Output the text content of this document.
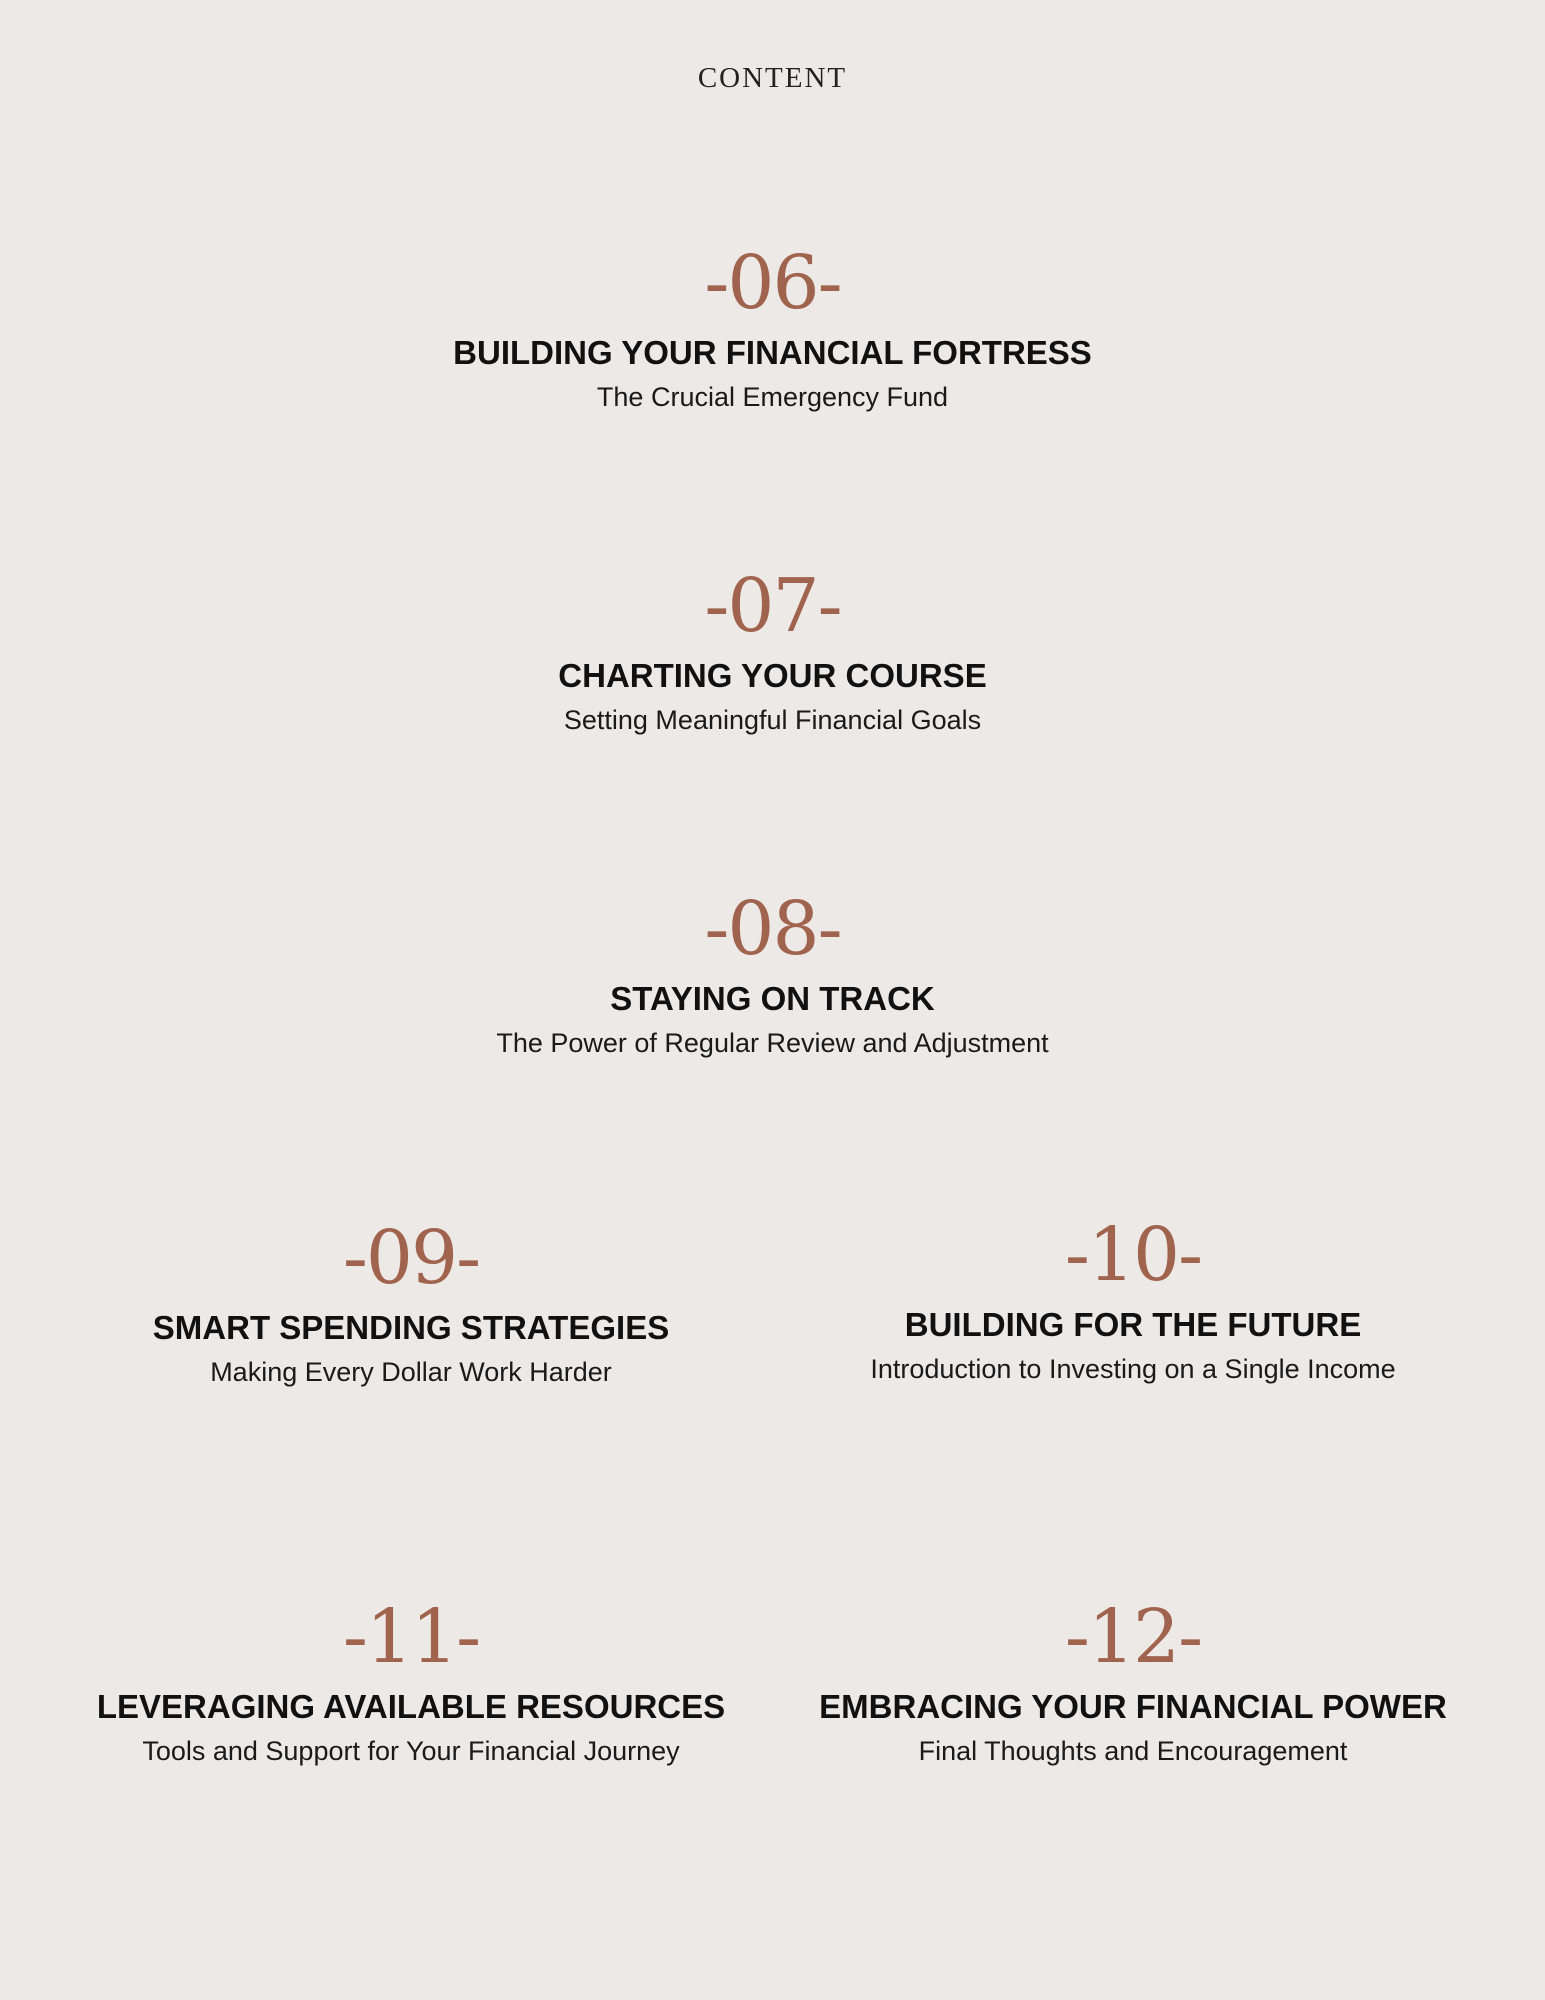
CONTENT
-06-
BUILDING YOUR FINANCIAL FORTRESS
The Crucial Emergency Fund
-07-
CHARTING YOUR COURSE
Setting Meaningful Financial Goals
-08-
STAYING ON TRACK
The Power of Regular Review and Adjustment
-09-
SMART SPENDING STRATEGIES
Making Every Dollar Work Harder
-10-
BUILDING FOR THE FUTURE
Introduction to Investing on a Single Income
-11-
LEVERAGING AVAILABLE RESOURCES
Tools and Support for Your Financial Journey
-12-
EMBRACING YOUR FINANCIAL POWER
Final Thoughts and Encouragement
